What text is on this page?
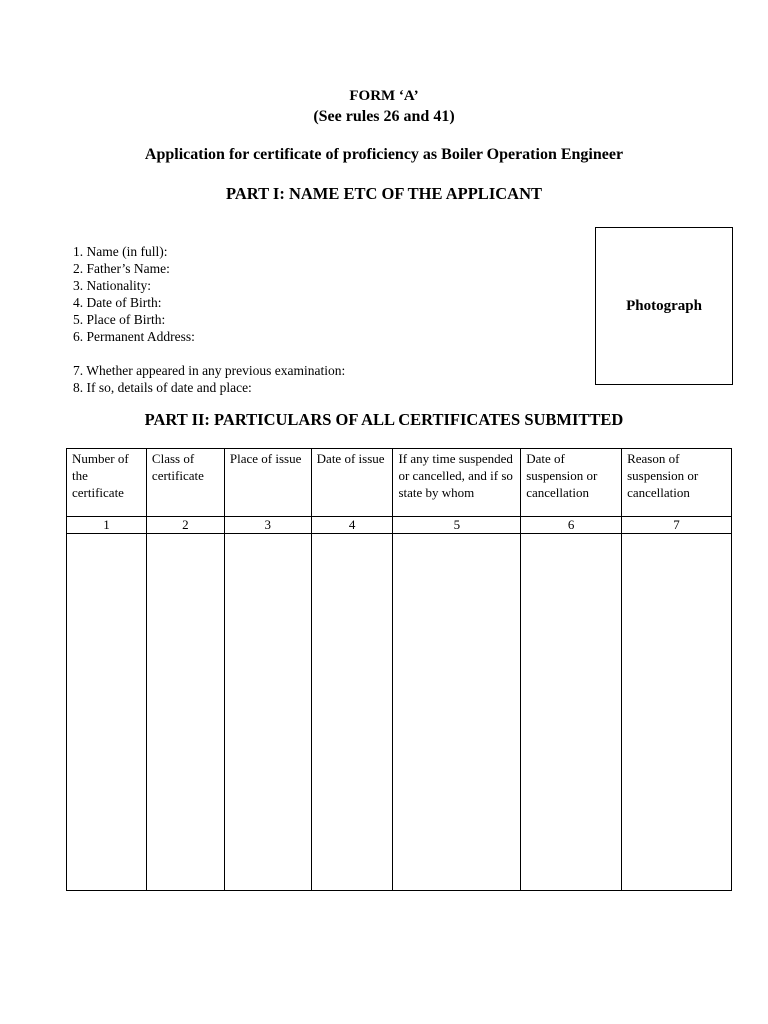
FORM ‘A’
(See rules 26 and 41)
Application for certificate of proficiency as Boiler Operation Engineer
PART I: NAME ETC OF THE APPLICANT
1. Name (in full):
2. Father’s Name:
3. Nationality:
4. Date of Birth:
5. Place of Birth:
6. Permanent Address:
7. Whether appeared in any previous examination:
8. If so, details of date and place:
Photograph
PART II: PARTICULARS OF ALL CERTIFICATES SUBMITTED
Number of the certificate	Class of certificate	Place of issue	Date of issue	If any time suspended or cancelled, and if so state by whom	Date of suspension or cancellation	Reason of suspension or cancellation
1	2	3	4	5	6	7
